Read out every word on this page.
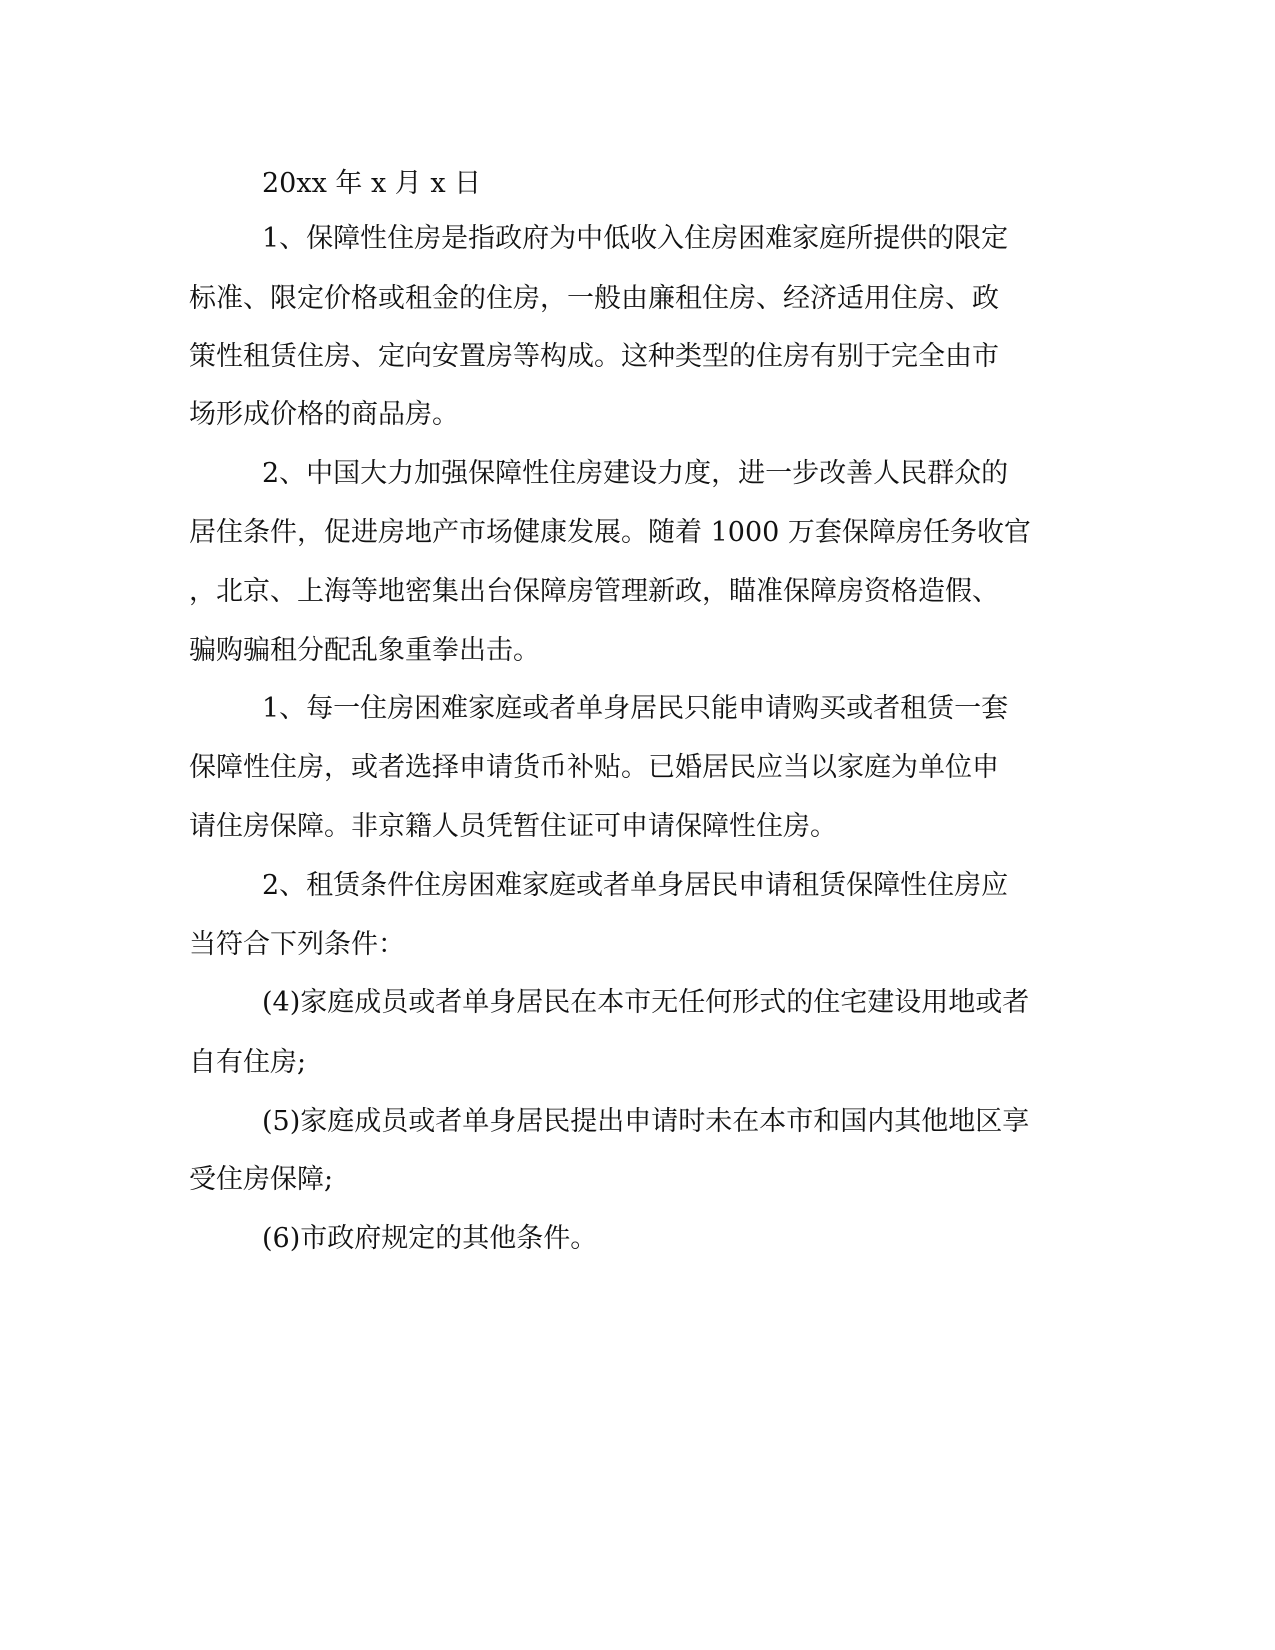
20xx 年 x 月 x 日
1、保障性住房是指政府为中低收入住房困难家庭所提供的限定
标准、限定价格或租金的住房，一般由廉租住房、经济适用住房、政
策性租赁住房、定向安置房等构成。这种类型的住房有别于完全由市
场形成价格的商品房。
2、中国大力加强保障性住房建设力度，进一步改善人民群众的
居住条件，促进房地产市场健康发展。随着 1000 万套保障房任务收官
，北京、上海等地密集出台保障房管理新政，瞄准保障房资格造假、
骗购骗租分配乱象重拳出击。
1、每一住房困难家庭或者单身居民只能申请购买或者租赁一套
保障性住房，或者选择申请货币补贴。已婚居民应当以家庭为单位申
请住房保障。非京籍人员凭暂住证可申请保障性住房。
2、租赁条件住房困难家庭或者单身居民申请租赁保障性住房应
当符合下列条件：
(4)家庭成员或者单身居民在本市无任何形式的住宅建设用地或者
自有住房;
(5)家庭成员或者单身居民提出申请时未在本市和国内其他地区享
受住房保障;
(6)市政府规定的其他条件。
